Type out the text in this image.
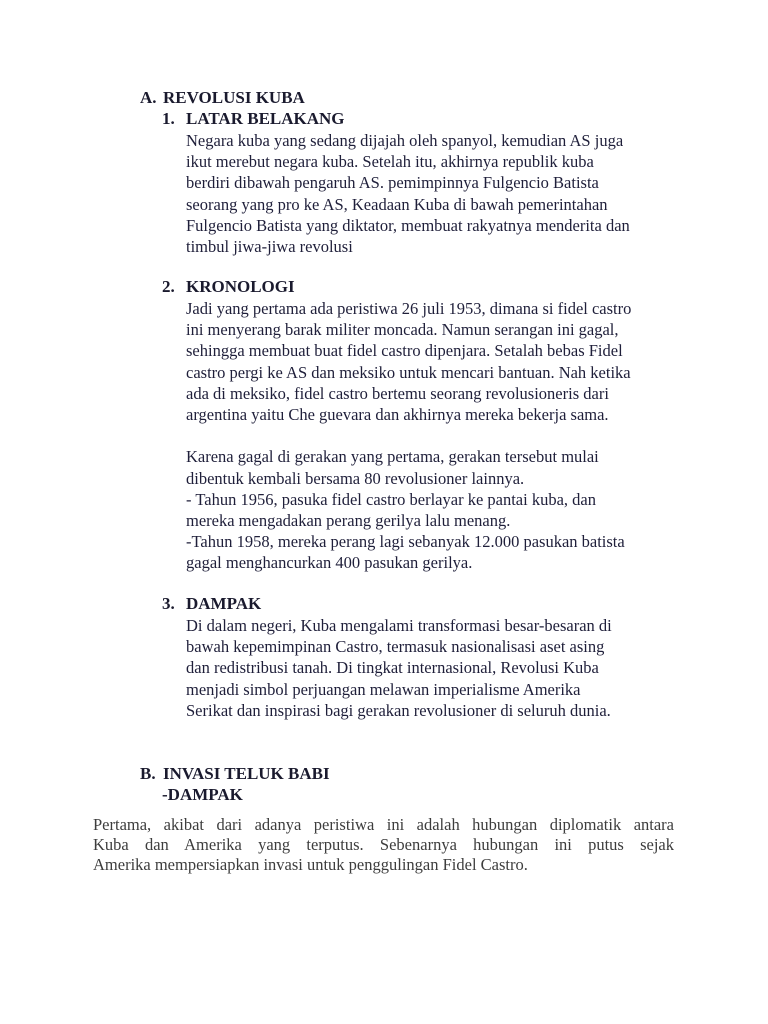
A. REVOLUSI KUBA
1. LATAR BELAKANG
Negara kuba yang sedang dijajah oleh spanyol, kemudian AS juga
ikut merebut negara kuba. Setelah itu, akhirnya republik kuba
berdiri dibawah pengaruh AS. pemimpinnya Fulgencio Batista
seorang yang pro ke AS, Keadaan Kuba di bawah pemerintahan
Fulgencio Batista yang diktator, membuat rakyatnya menderita dan
timbul jiwa-jiwa revolusi
2. KRONOLOGI
Jadi yang pertama ada peristiwa 26 juli 1953, dimana si fidel castro
ini menyerang barak militer moncada. Namun serangan ini gagal,
sehingga membuat buat fidel castro dipenjara. Setalah bebas Fidel
castro pergi ke AS dan meksiko untuk mencari bantuan. Nah ketika
ada di meksiko, fidel castro bertemu seorang revolusioneris dari
argentina yaitu Che guevara dan akhirnya mereka bekerja sama.
Karena gagal di gerakan yang pertama, gerakan tersebut mulai
dibentuk kembali bersama 80 revolusioner lainnya.
- Tahun 1956, pasuka fidel castro berlayar ke pantai kuba, dan
mereka mengadakan perang gerilya lalu menang.
-Tahun 1958, mereka perang lagi sebanyak 12.000 pasukan batista
gagal menghancurkan 400 pasukan gerilya.
3. DAMPAK
Di dalam negeri, Kuba mengalami transformasi besar-besaran di
bawah kepemimpinan Castro, termasuk nasionalisasi aset asing
dan redistribusi tanah. Di tingkat internasional, Revolusi Kuba
menjadi simbol perjuangan melawan imperialisme Amerika
Serikat dan inspirasi bagi gerakan revolusioner di seluruh dunia.
B. INVASI TELUK BABI
-DAMPAK
Pertama, akibat dari adanya peristiwa ini adalah hubungan diplomatik antara
Kuba dan Amerika yang terputus. Sebenarnya hubungan ini putus sejak
Amerika mempersiapkan invasi untuk penggulingan Fidel Castro.
